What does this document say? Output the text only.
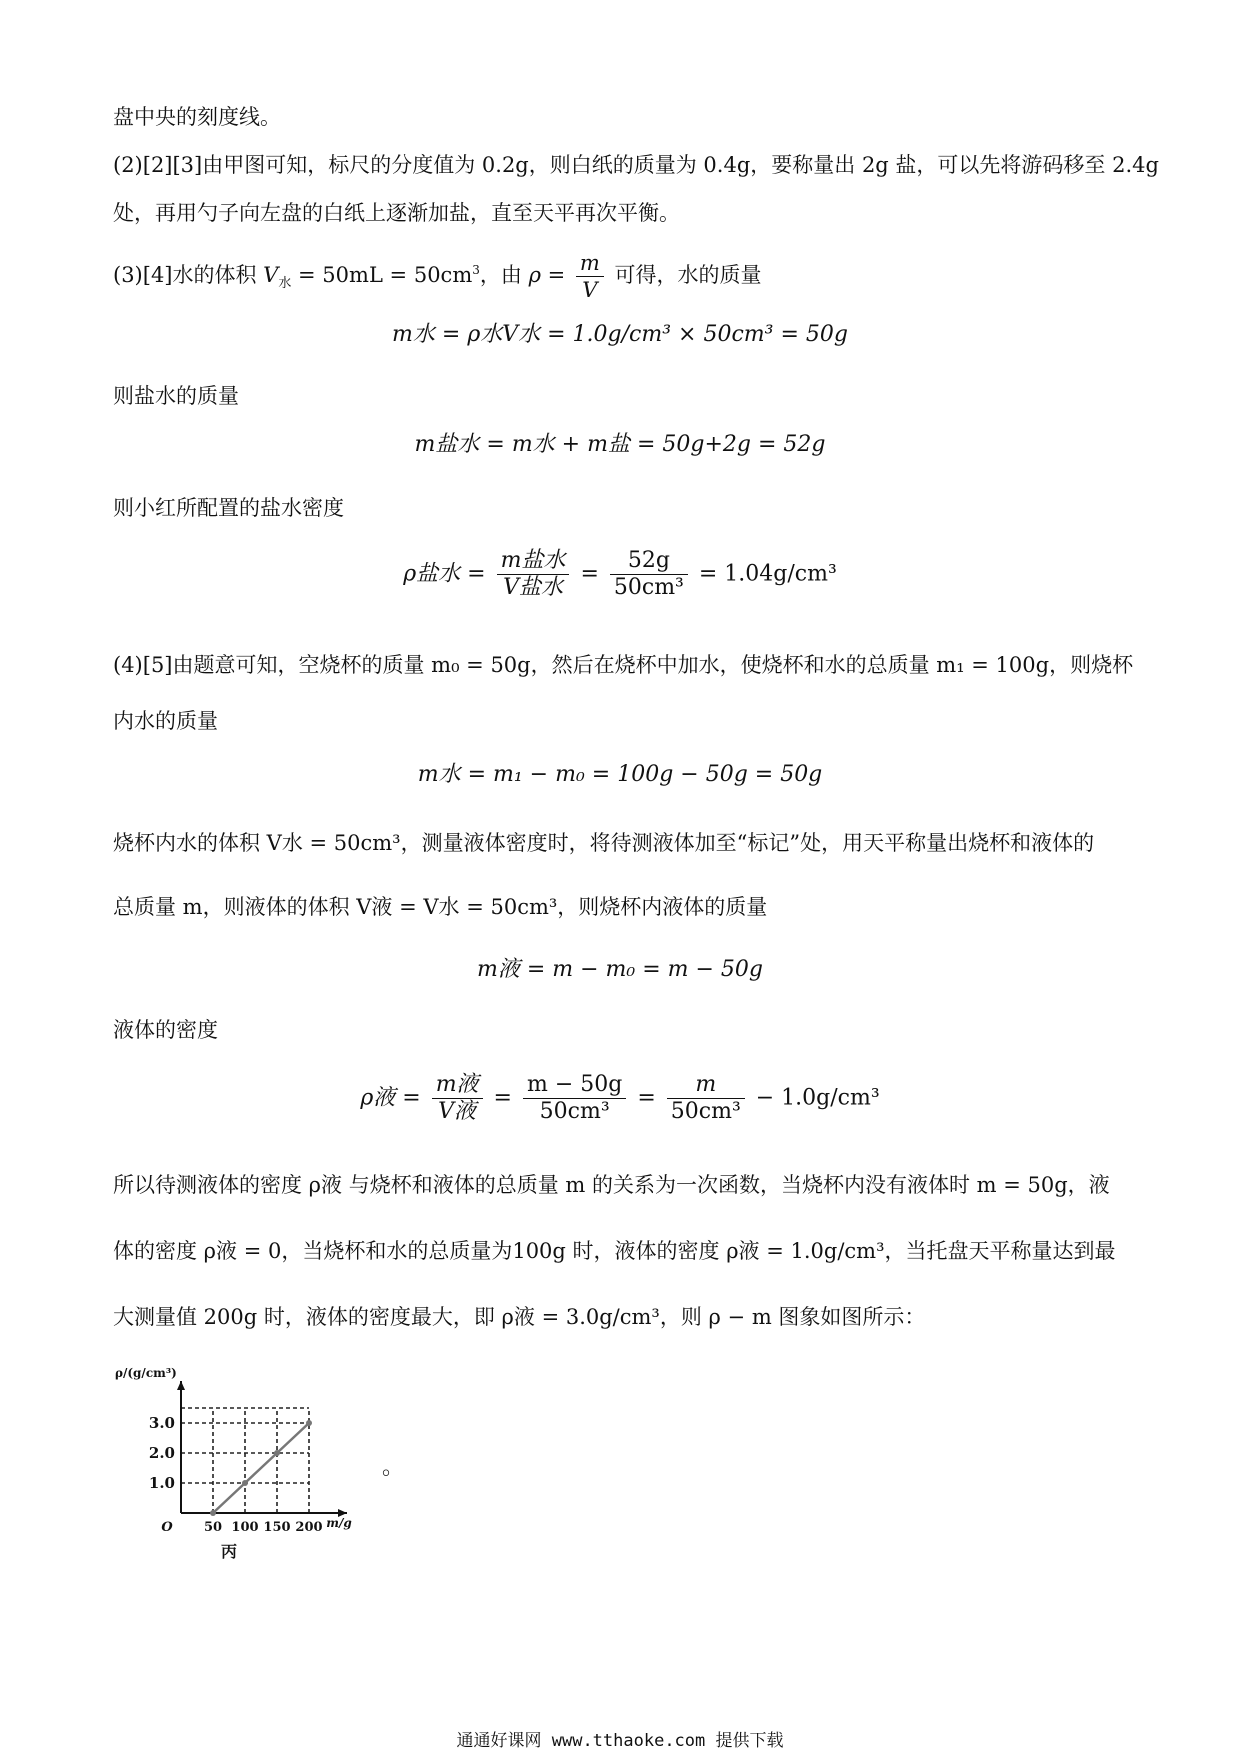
盘中央的刻度线。

(2)[2][3]由甲图可知，标尺的分度值为 0.2g，则白纸的质量为 0.4g，要称量出 2g 盐，可以先将游码移至 2.4g

处，再用勺子向左盘的白纸上逐渐加盐，直至天平再次平衡。

(3)[4]水的体积 $V_水 = 50mL = 50cm^3$，由 $\rho = \frac{m}{V}$ 可得，水的质量

m水 = ρ水V水 = 1.0g/cm³ × 50cm³ = 50g

则盐水的质量

m盐水 = m水 + m盐 = 50g+2g = 52g

则小红所配置的盐水密度

ρ盐水 = $\frac{\text{m盐水}}{\text{V盐水}} = \frac{52g}{\text{50cm³}} = 1.04g/cm^3$

(4)[5]由题意可知，空烧杯的质量 m₀ = 50g，然后在烧杯中加水，使烧杯和水的总质量 m₁ = 100g，则烧杯

内水的质量

m水 = m₁ − m₀ = 100g − 50g = 50g

烧杯内水的体积 V水 = 50cm³，测量液体密度时，将待测液体加至“标记”处，用天平称量出烧杯和液体的

总质量 m，则液体的体积 V液 = V水 = 50cm³，则烧杯内液体的质量

m液 = m − m₀ = m − 50g

液体的密度

ρ液 = $\frac{\text{m液}}{\text{V液}} = \frac{m - 50g}{\text{50cm³}} = \frac{m}{\text{50cm³}} - 1.0g/cm^3$

所以待测液体的密度 ρ液 与烧杯和液体的总质量 m 的关系为一次函数，当烧杯内没有液体时 m = 50g，液

体的密度 ρ液 = 0，当烧杯和水的总质量为100g 时，液体的密度 ρ液 = 1.0g/cm³，当托盘天平称量达到最

大测量值 200g 时，液体的密度最大，即 ρ液 = 3.0g/cm³，则 ρ − m 图象如图所示：

50 100 150 200
1.0
2.0
3.0
O	m/g
ρ/(g/cm³)
丙
。
通通好课网 www.tthaoke.com 提供下载
